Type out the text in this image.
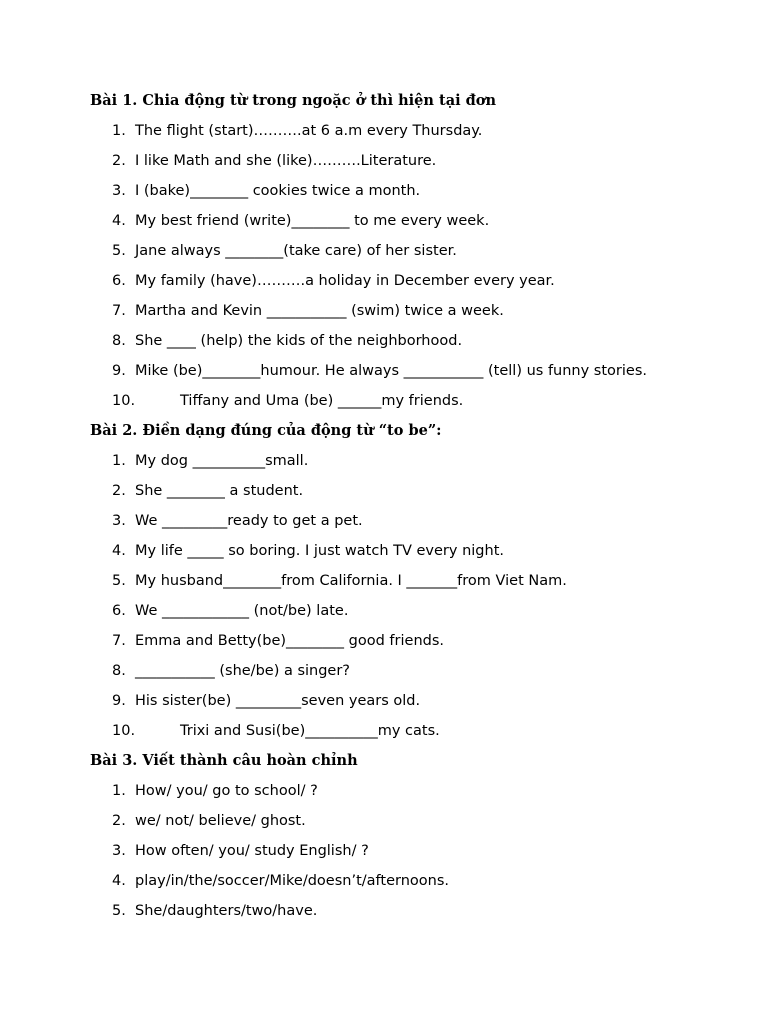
Bài 1. Chia động từ trong ngoặc ở thì hiện tại đơn
1. The flight (start)……….at 6 a.m every Thursday.
2. I like Math and she (like)……….Literature.
3. I (bake)________ cookies twice a month.
4. My best friend (write)________ to me every week.
5. Jane always ________(take care) of her sister.
6. My family (have)……….a holiday in December every year.
7. Martha and Kevin ___________ (swim) twice a week.
8. She ____ (help) the kids of the neighborhood.
9. Mike (be)________humour. He always ___________ (tell) us funny stories.
10.	Tiffany and Uma (be) ______my friends.
Bài 2. Điền dạng đúng của động từ “to be”:
1. My dog __________small.
2. She ________ a student.
3. We _________ready to get a pet.
4. My life _____ so boring. I just watch TV every night.
5. My husband________from California. I _______from Viet Nam.
6. We ____________ (not/be) late.
7. Emma and Betty(be)________ good friends.
8. ___________ (she/be) a singer?
9. His sister(be) _________seven years old.
10.	Trixi and Susi(be)__________my cats.
Bài 3. Viết thành câu hoàn chỉnh
1. How/ you/ go to school/ ?
2. we/ not/ believe/ ghost.
3. How often/ you/ study English/ ?
4. play/in/the/soccer/Mike/doesn’t/afternoons.
5. She/daughters/two/have.
